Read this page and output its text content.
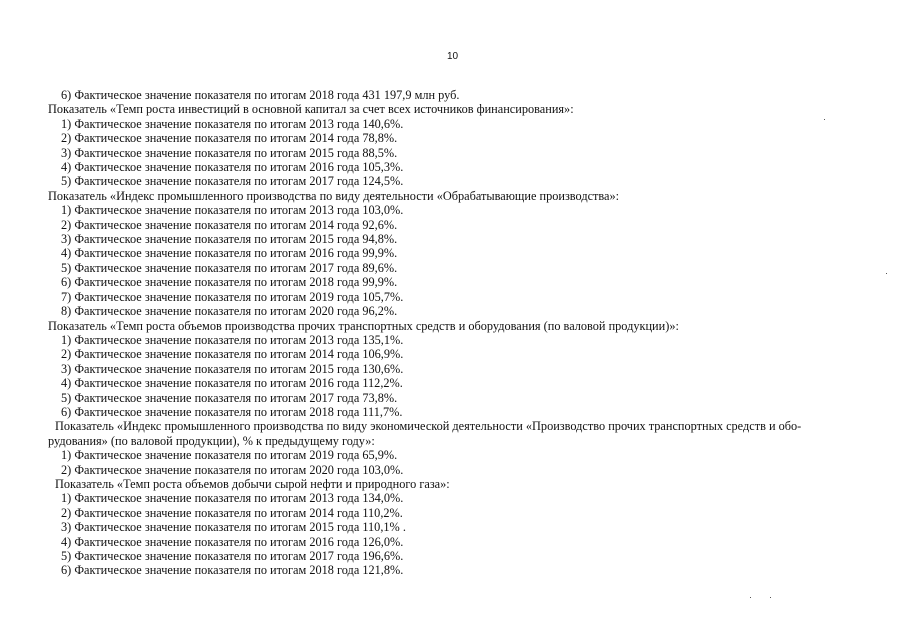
10
6) Фактическое значение показателя по итогам 2018 года 431 197,9 млн руб.
Показатель «Темп роста инвестиций в основной капитал за счет всех источников финансирования»:
1) Фактическое значение показателя по итогам 2013 года 140,6%.
2) Фактическое значение показателя по итогам 2014 года 78,8%.
3) Фактическое значение показателя по итогам 2015 года 88,5%.
4) Фактическое значение показателя по итогам 2016 года 105,3%.
5) Фактическое значение показателя по итогам 2017 года 124,5%.
Показатель «Индекс промышленного производства по виду деятельности «Обрабатывающие производства»:
1) Фактическое значение показателя по итогам 2013 года 103,0%.
2) Фактическое значение показателя по итогам 2014 года 92,6%.
3) Фактическое значение показателя по итогам 2015 года 94,8%.
4) Фактическое значение показателя по итогам 2016 года 99,9%.
5) Фактическое значение показателя по итогам 2017 года 89,6%.
6) Фактическое значение показателя по итогам 2018 года 99,9%.
7) Фактическое значение показателя по итогам 2019 года 105,7%.
8) Фактическое значение показателя по итогам 2020 года 96,2%.
Показатель «Темп роста объемов производства прочих транспортных средств и оборудования (по валовой продукции)»:
1) Фактическое значение показателя по итогам 2013 года 135,1%.
2) Фактическое значение показателя по итогам 2014 года 106,9%.
3) Фактическое значение показателя по итогам 2015 года 130,6%.
4) Фактическое значение показателя по итогам 2016 года 112,2%.
5) Фактическое значение показателя по итогам 2017 года 73,8%.
6) Фактическое значение показателя по итогам 2018 года 111,7%.
Показатель «Индекс промышленного производства по виду экономической деятельности «Производство прочих транспортных средств и обо-
рудования» (по валовой продукции), % к предыдущему году»:
1) Фактическое значение показателя по итогам 2019 года 65,9%.
2) Фактическое значение показателя по итогам 2020 года 103,0%.
Показатель «Темп роста объемов добычи сырой нефти и природного газа»:
1) Фактическое значение показателя по итогам 2013 года 134,0%.
2) Фактическое значение показателя по итогам 2014 года 110,2%.
3) Фактическое значение показателя по итогам 2015 года 110,1% .
4) Фактическое значение показателя по итогам 2016 года 126,0%.
5) Фактическое значение показателя по итогам 2017 года 196,6%.
6) Фактическое значение показателя по итогам 2018 года 121,8%.
